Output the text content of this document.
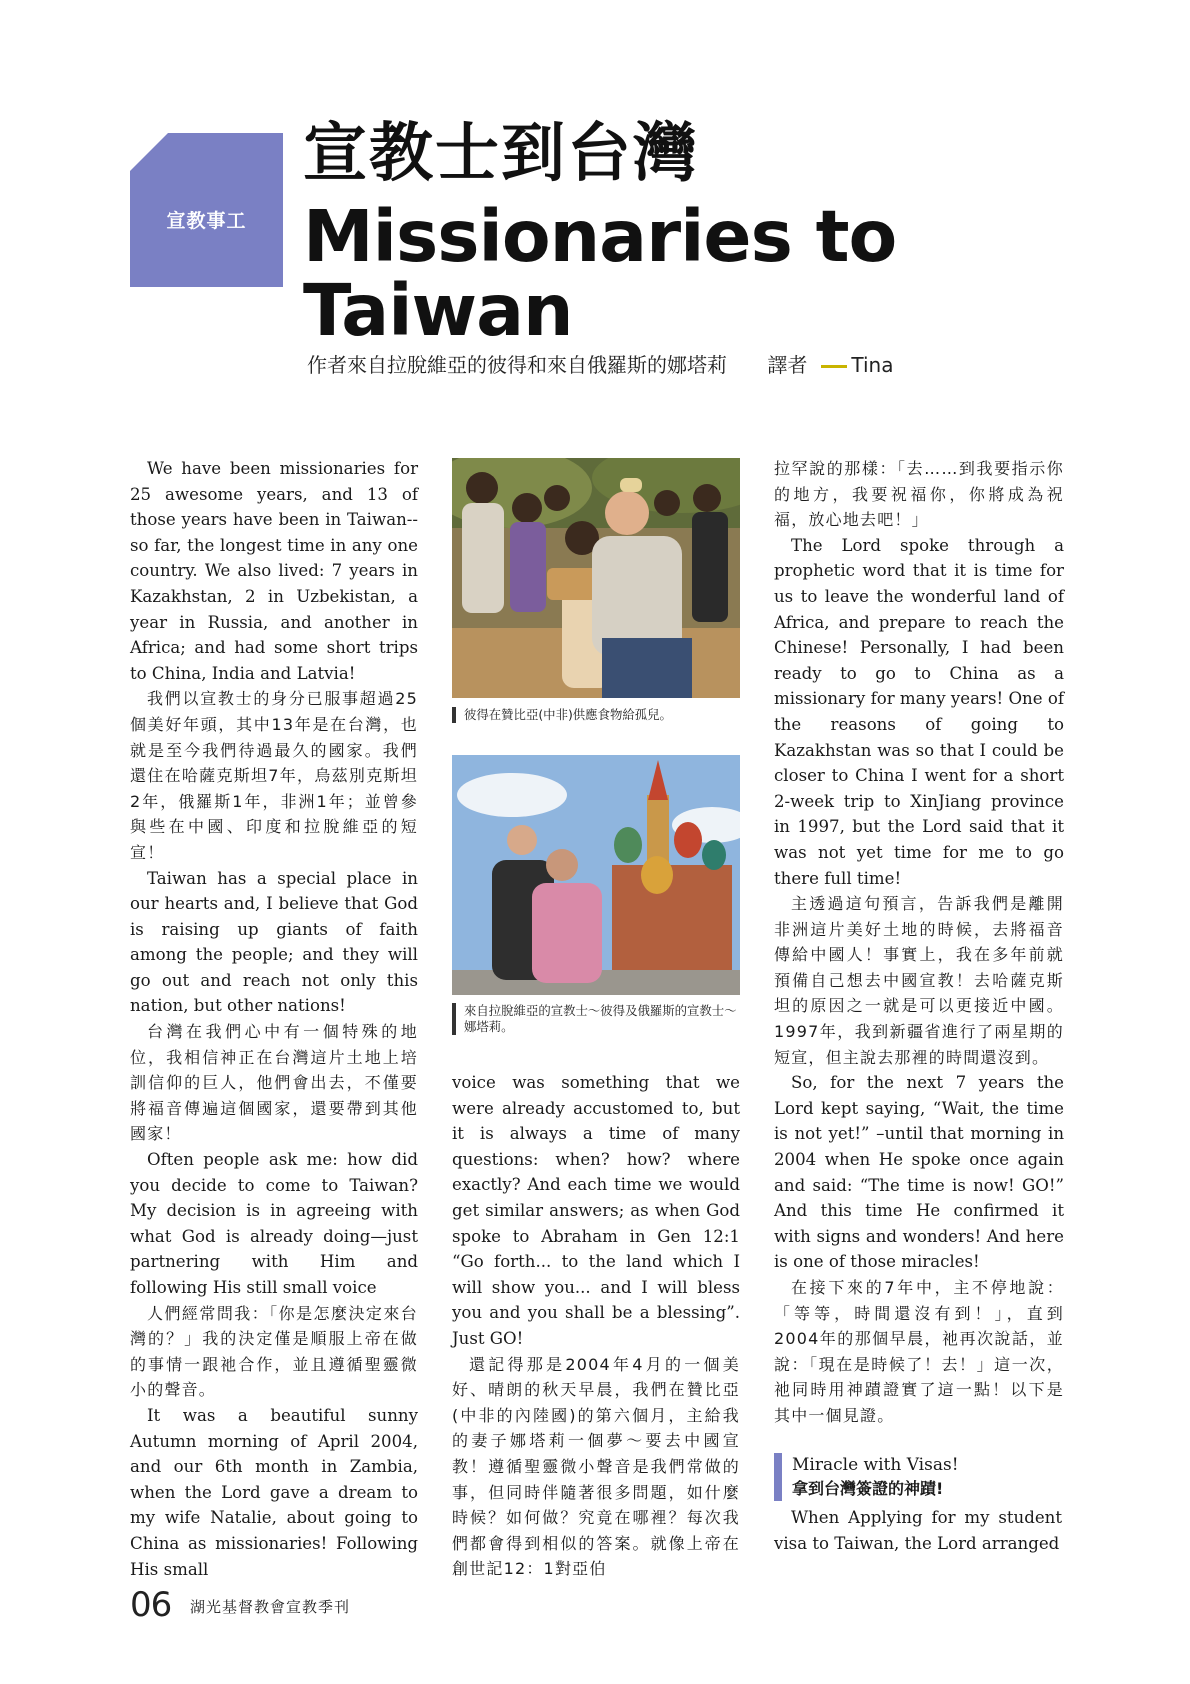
宣教事工
宣教士到台灣
Missionaries to Taiwan
作者來自拉脫維亞的彼得和來自俄羅斯的娜塔莉 譯者 Tina

We have been missionaries for 25 awesome years, and 13 of those years have been in Taiwan--so far, the longest time in any one country. We also lived: 7 years in Kazakhstan, 2 in Uzbekistan, a year in Russia, and another in Africa; and had some short trips to China, India and Latvia!

我們以宣教士的身分已服事超過25個美好年頭，其中13年是在台灣，也就是至今我們待過最久的國家。我們還住在哈薩克斯坦7年，烏茲別克斯坦2年，俄羅斯1年，非洲1年；並曾參與些在中國、印度和拉脫維亞的短宣！

Taiwan has a special place in our hearts and, I believe that God is raising up giants of faith among the people; and they will go out and reach not only this nation, but other nations!

台灣在我們心中有一個特殊的地位，我相信神正在台灣這片土地上培訓信仰的巨人，他們會出去，不僅要將福音傳遍這個國家，還要帶到其他國家！

Often people ask me: how did you decide to come to Taiwan? My decision is in agreeing with what God is already doing—just partnering with Him and following His still small voice

人們經常問我：「你是怎麼決定來台灣的？」我的決定僅是順服上帝在做的事情一跟祂合作，並且遵循聖靈微小的聲音。

It was a beautiful sunny Autumn morning of April 2004, and our 6th month in Zambia, when the Lord gave a dream to my wife Natalie, about going to China as missionaries! Following His small

彼得在贊比亞(中非)供應食物給孤兒。
來自拉脫維亞的宣教士～彼得及俄羅斯的宣教士～娜塔莉。

voice was something that we were already accustomed to, but it is always a time of many questions: when? how? where exactly? And each time we would get similar answers; as when God spoke to Abraham in Gen 12:1 “Go forth... to the land which I will show you... and I will bless you and you shall be a blessing”. Just GO!

還記得那是2004年4月的一個美好、晴朗的秋天早晨，我們在贊比亞(中非的內陸國)的第六個月，主給我的妻子娜塔莉一個夢～要去中國宣教！遵循聖靈微小聲音是我們常做的事，但同時伴隨著很多問題，如什麼時候？如何做？究竟在哪裡？每次我們都會得到相似的答案。就像上帝在創世記12：1對亞伯

拉罕說的那樣：「去……到我要指示你的地方，我要祝福你，你將成為祝福，放心地去吧！」

The Lord spoke through a prophetic word that it is time for us to leave the wonderful land of Africa, and prepare to reach the Chinese! Personally, I had been ready to go to China as a missionary for many years! One of the reasons of going to Kazakhstan was so that I could be closer to China I went for a short 2-week trip to XinJiang province in 1997, but the Lord said that it was not yet time for me to go there full time!

主透過這句預言，告訴我們是離開非洲這片美好土地的時候，去將福音傳給中國人！事實上，我在多年前就預備自己想去中國宣教！去哈薩克斯坦的原因之一就是可以更接近中國。1997年，我到新疆省進行了兩星期的短宣，但主說去那裡的時間還沒到。

So, for the next 7 years the Lord kept saying, “Wait, the time is not yet!” –until that morning in 2004 when He spoke once again and said: “The time is now! GO!” And this time He confirmed it with signs and wonders! And here is one of those miracles!

在接下來的7年中，主不停地說：「等等，時間還沒有到！」，直到2004年的那個早晨，祂再次說話，並說：「現在是時候了！去！」這一次，祂同時用神蹟證實了這一點！以下是其中一個見證。

Miracle with Visas!
拿到台灣簽證的神蹟!

When Applying for my student visa to Taiwan, the Lord arranged

06 湖光基督教會宣教季刊
